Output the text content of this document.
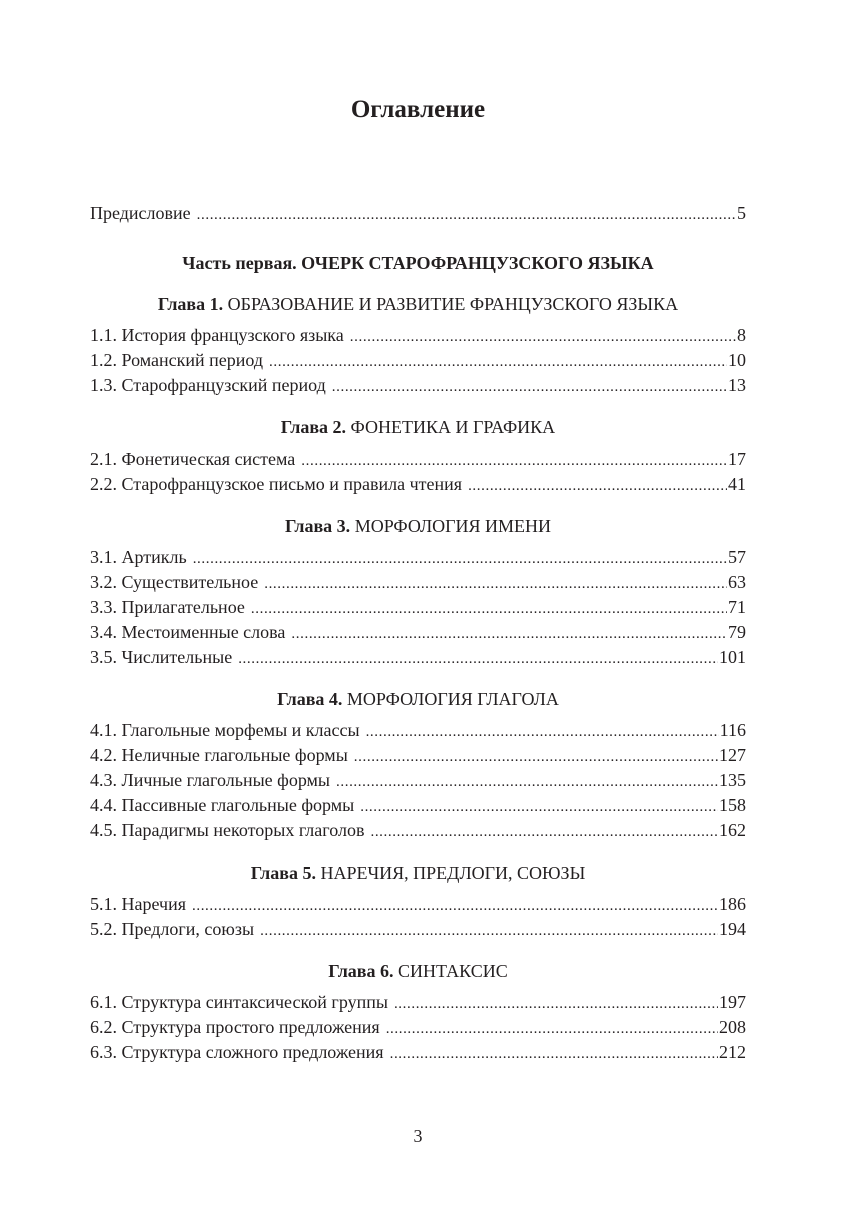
Оглавление
Предисловие .....	5
Часть первая. ОЧЕРК СТАРОФРАНЦУЗСКОГО ЯЗЫКА
Глава 1. ОБРАЗОВАНИЕ И РАЗВИТИЕ ФРАНЦУЗСКОГО ЯЗЫКА
1.1. История французского языка .....	8
1.2. Романский период .....	10
1.3. Старофранцузский период .....	13
Глава 2. ФОНЕТИКА И ГРАФИКА
2.1. Фонетическая система .....	17
2.2. Старофранцузское письмо и правила чтения .....	41
Глава 3. МОРФОЛОГИЯ ИМЕНИ
3.1. Артикль .....	57
3.2. Существительное .....	63
3.3. Прилагательное .....	71
3.4. Местоименные слова .....	79
3.5. Числительные .....	101
Глава 4. МОРФОЛОГИЯ ГЛАГОЛА
4.1. Глагольные морфемы и классы .....	116
4.2. Неличные глагольные формы .....	127
4.3. Личные глагольные формы .....	135
4.4. Пассивные глагольные формы .....	158
4.5. Парадигмы некоторых глаголов .....	162
Глава 5. НАРЕЧИЯ, ПРЕДЛОГИ, СОЮЗЫ
5.1. Наречия .....	186
5.2. Предлоги, союзы .....	194
Глава 6. СИНТАКСИС
6.1. Структура синтаксической группы .....	197
6.2. Структура простого предложения .....	208
6.3. Структура сложного предложения .....	212
3
